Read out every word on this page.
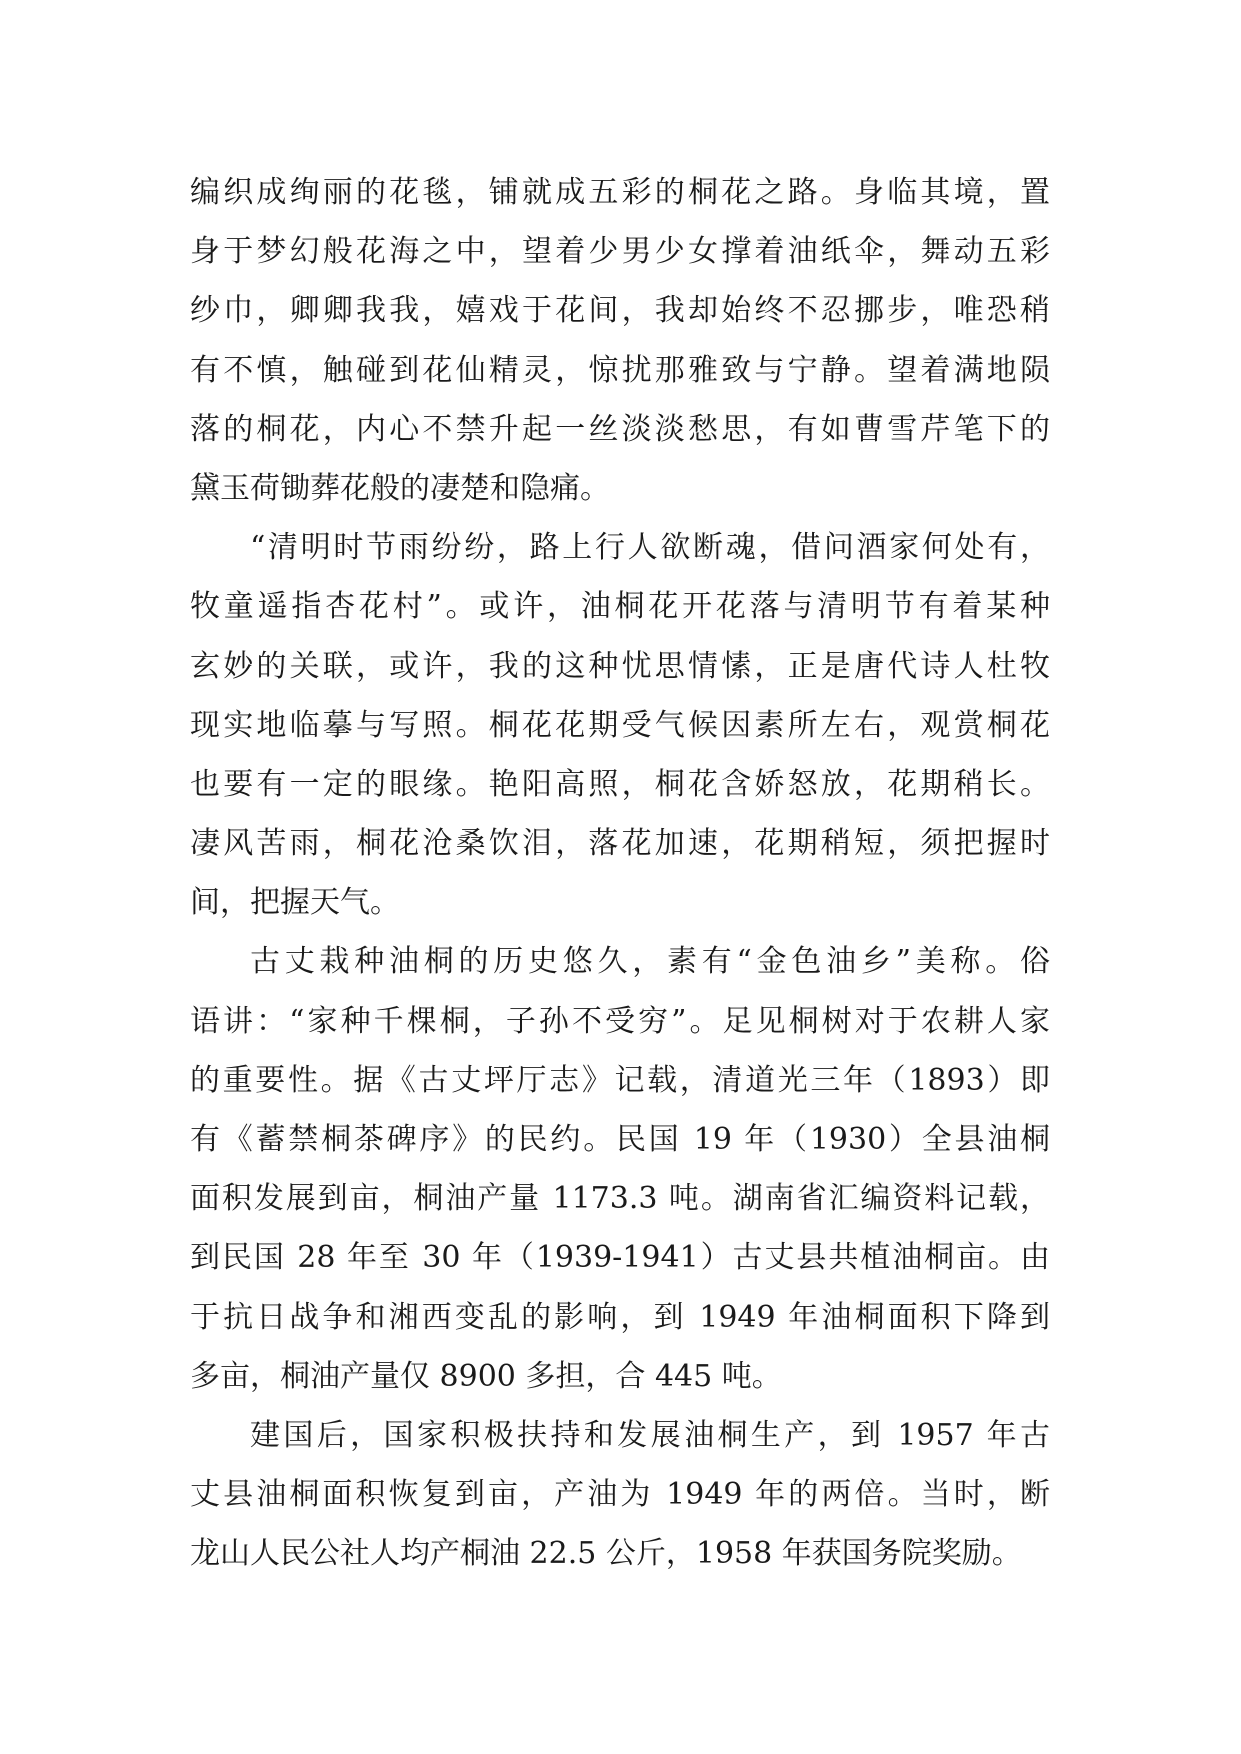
编织成绚丽的花毯，铺就成五彩的桐花之路。身临其境，置
身于梦幻般花海之中，望着少男少女撑着油纸伞，舞动五彩
纱巾，卿卿我我，嬉戏于花间，我却始终不忍挪步，唯恐稍
有不慎，触碰到花仙精灵，惊扰那雅致与宁静。望着满地陨
落的桐花，内心不禁升起一丝淡淡愁思，有如曹雪芹笔下的
黛玉荷锄葬花般的凄楚和隐痛。
“清明时节雨纷纷，路上行人欲断魂，借问酒家何处有，
牧童遥指杏花村”。或许，油桐花开花落与清明节有着某种
玄妙的关联，或许，我的这种忧思情愫，正是唐代诗人杜牧
现实地临摹与写照。桐花花期受气候因素所左右，观赏桐花
也要有一定的眼缘。艳阳高照，桐花含娇怒放，花期稍长。
凄风苦雨，桐花沧桑饮泪，落花加速，花期稍短，须把握时
间，把握天气。
古丈栽种油桐的历史悠久，素有“金色油乡”美称。俗
语讲：“家种千棵桐，子孙不受穷”。足见桐树对于农耕人家
的重要性。据《古丈坪厅志》记载，清道光三年（1893）即
有《蓄禁桐茶碑序》的民约。民国 19 年（1930）全县油桐
面积发展到亩，桐油产量 1173.3 吨。湖南省汇编资料记载，
到民国 28 年至 30 年（1939-1941）古丈县共植油桐亩。由
于抗日战争和湘西变乱的影响，到 1949 年油桐面积下降到
多亩，桐油产量仅 8900 多担，合 445 吨。
建国后，国家积极扶持和发展油桐生产，到 1957 年古
丈县油桐面积恢复到亩，产油为 1949 年的两倍。当时，断
龙山人民公社人均产桐油 22.5 公斤，1958 年获国务院奖励。
